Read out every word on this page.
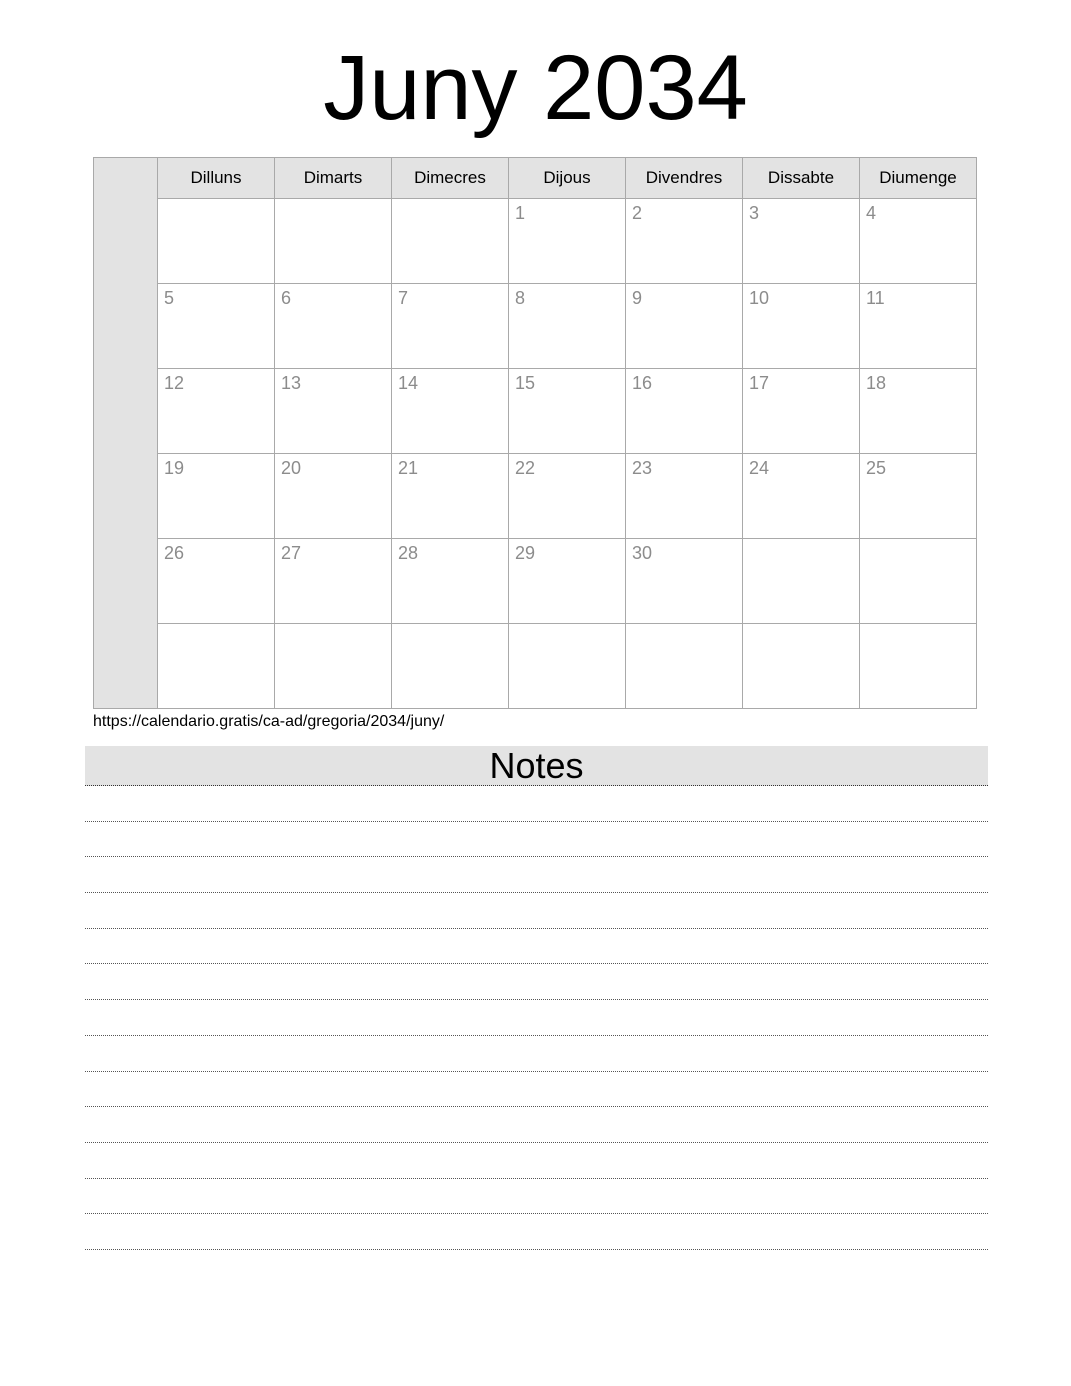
Juny 2034
	Dilluns	Dimarts	Dimecres	Dijous	Divendres	Dissabte	Diumenge
				1	2	3	4
	5	6	7	8	9	10	11
	12	13	14	15	16	17	18
	19	20	21	22	23	24	25
	26	27	28	29	30		

https://calendario.gratis/ca-ad/gregoria/2034/juny/
Notes
